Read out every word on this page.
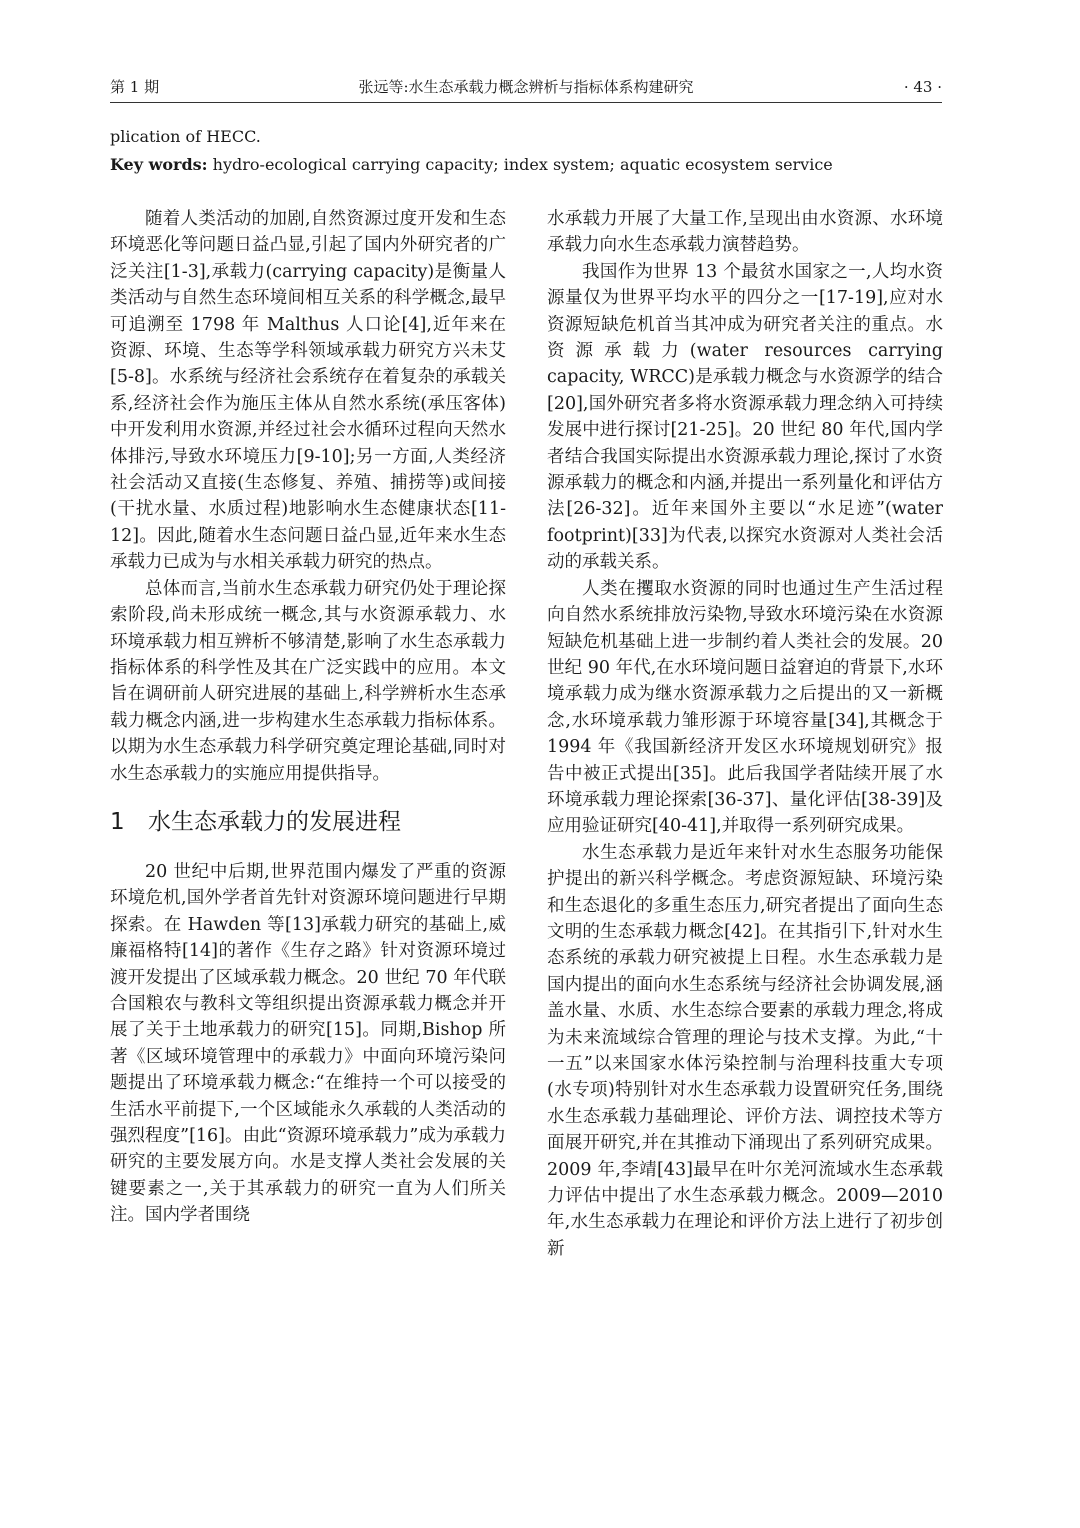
第 1 期	张远等:水生态承载力概念辨析与指标体系构建研究	· 43 ·
plication of HECC.
Key words: hydro-ecological carrying capacity; index system; aquatic ecosystem service

随着人类活动的加剧,自然资源过度开发和生态环境恶化等问题日益凸显,引起了国内外研究者的广泛关注[1-3],承载力(carrying capacity)是衡量人类活动与自然生态环境间相互关系的科学概念,最早可追溯至 1798 年 Malthus 人口论[4],近年来在资源、环境、生态等学科领域承载力研究方兴未艾[5-8]。水系统与经济社会系统存在着复杂的承载关系,经济社会作为施压主体从自然水系统(承压客体)中开发利用水资源,并经过社会水循环过程向天然水体排污,导致水环境压力[9-10];另一方面,人类经济社会活动又直接(生态修复、养殖、捕捞等)或间接(干扰水量、水质过程)地影响水生态健康状态[11-12]。因此,随着水生态问题日益凸显,近年来水生态承载力已成为与水相关承载力研究的热点。

总体而言,当前水生态承载力研究仍处于理论探索阶段,尚未形成统一概念,其与水资源承载力、水环境承载力相互辨析不够清楚,影响了水生态承载力指标体系的科学性及其在广泛实践中的应用。本文旨在调研前人研究进展的基础上,科学辨析水生态承载力概念内涵,进一步构建水生态承载力指标体系。以期为水生态承载力科学研究奠定理论基础,同时对水生态承载力的实施应用提供指导。

1 水生态承载力的发展进程

20 世纪中后期,世界范围内爆发了严重的资源环境危机,国外学者首先针对资源环境问题进行早期探索。在 Hawden 等[13]承载力研究的基础上,威廉福格特[14]的著作《生存之路》针对资源环境过渡开发提出了区域承载力概念。20 世纪 70 年代联合国粮农与教科文等组织提出资源承载力概念并开展了关于土地承载力的研究[15]。同期,Bishop 所著《区域环境管理中的承载力》中面向环境污染问题提出了环境承载力概念:“在维持一个可以接受的生活水平前提下,一个区域能永久承载的人类活动的强烈程度”[16]。由此“资源环境承载力”成为承载力研究的主要发展方向。水是支撑人类社会发展的关键要素之一,关于其承载力的研究一直为人们所关注。国内学者围绕

水承载力开展了大量工作,呈现出由水资源、水环境承载力向水生态承载力演替趋势。

我国作为世界 13 个最贫水国家之一,人均水资源量仅为世界平均水平的四分之一[17-19],应对水资源短缺危机首当其冲成为研究者关注的重点。水资源承载力(water resources carrying capacity, WRCC)是承载力概念与水资源学的结合[20],国外研究者多将水资源承载力理念纳入可持续发展中进行探讨[21-25]。20 世纪 80 年代,国内学者结合我国实际提出水资源承载力理论,探讨了水资源承载力的概念和内涵,并提出一系列量化和评估方法[26-32]。近年来国外主要以“水足迹”(water footprint)[33]为代表,以探究水资源对人类社会活动的承载关系。

人类在攫取水资源的同时也通过生产生活过程向自然水系统排放污染物,导致水环境污染在水资源短缺危机基础上进一步制约着人类社会的发展。20 世纪 90 年代,在水环境问题日益窘迫的背景下,水环境承载力成为继水资源承载力之后提出的又一新概念,水环境承载力雏形源于环境容量[34],其概念于 1994 年《我国新经济开发区水环境规划研究》报告中被正式提出[35]。此后我国学者陆续开展了水环境承载力理论探索[36-37]、量化评估[38-39]及应用验证研究[40-41],并取得一系列研究成果。

水生态承载力是近年来针对水生态服务功能保护提出的新兴科学概念。考虑资源短缺、环境污染和生态退化的多重生态压力,研究者提出了面向生态文明的生态承载力概念[42]。在其指引下,针对水生态系统的承载力研究被提上日程。水生态承载力是国内提出的面向水生态系统与经济社会协调发展,涵盖水量、水质、水生态综合要素的承载力理念,将成为未来流域综合管理的理论与技术支撑。为此,“十一五”以来国家水体污染控制与治理科技重大专项(水专项)特别针对水生态承载力设置研究任务,围绕水生态承载力基础理论、评价方法、调控技术等方面展开研究,并在其推动下涌现出了系列研究成果。2009 年,李靖[43]最早在叶尔羌河流域水生态承载力评估中提出了水生态承载力概念。2009—2010 年,水生态承载力在理论和评价方法上进行了初步创新
